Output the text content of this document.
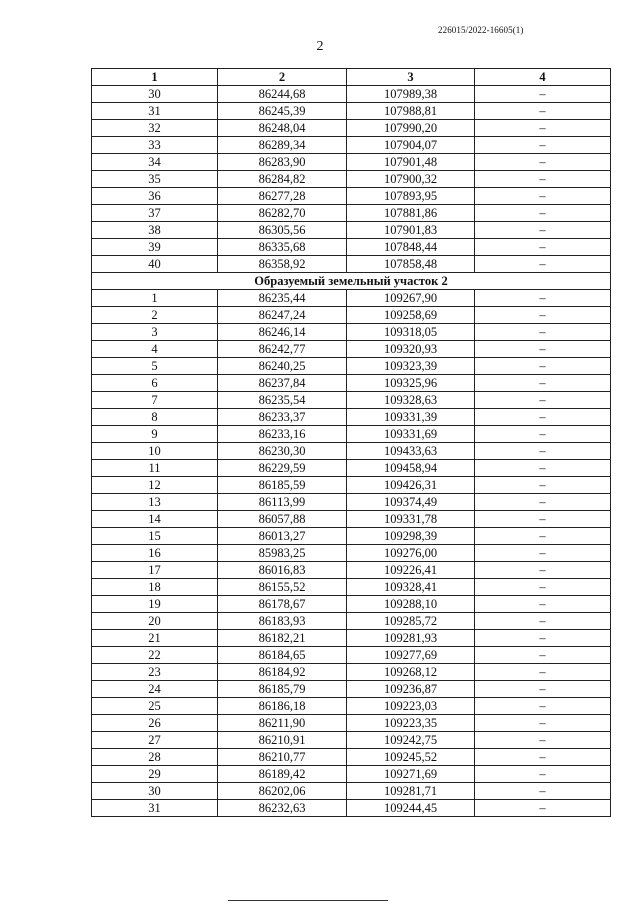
226015/2022-16605(1)
2
1	2	3	4
30	86244,68	107989,38	–
31	86245,39	107988,81	–
32	86248,04	107990,20	–
33	86289,34	107904,07	–
34	86283,90	107901,48	–
35	86284,82	107900,32	–
36	86277,28	107893,95	–
37	86282,70	107881,86	–
38	86305,56	107901,83	–
39	86335,68	107848,44	–
40	86358,92	107858,48	–
Образуемый земельный участок 2			
1	86235,44	109267,90	–
2	86247,24	109258,69	–
3	86246,14	109318,05	–
4	86242,77	109320,93	–
5	86240,25	109323,39	–
6	86237,84	109325,96	–
7	86235,54	109328,63	–
8	86233,37	109331,39	–
9	86233,16	109331,69	–
10	86230,30	109433,63	–
11	86229,59	109458,94	–
12	86185,59	109426,31	–
13	86113,99	109374,49	–
14	86057,88	109331,78	–
15	86013,27	109298,39	–
16	85983,25	109276,00	–
17	86016,83	109226,41	–
18	86155,52	109328,41	–
19	86178,67	109288,10	–
20	86183,93	109285,72	–
21	86182,21	109281,93	–
22	86184,65	109277,69	–
23	86184,92	109268,12	–
24	86185,79	109236,87	–
25	86186,18	109223,03	–
26	86211,90	109223,35	–
27	86210,91	109242,75	–
28	86210,77	109245,52	–
29	86189,42	109271,69	–
30	86202,06	109281,71	–
31	86232,63	109244,45	–
